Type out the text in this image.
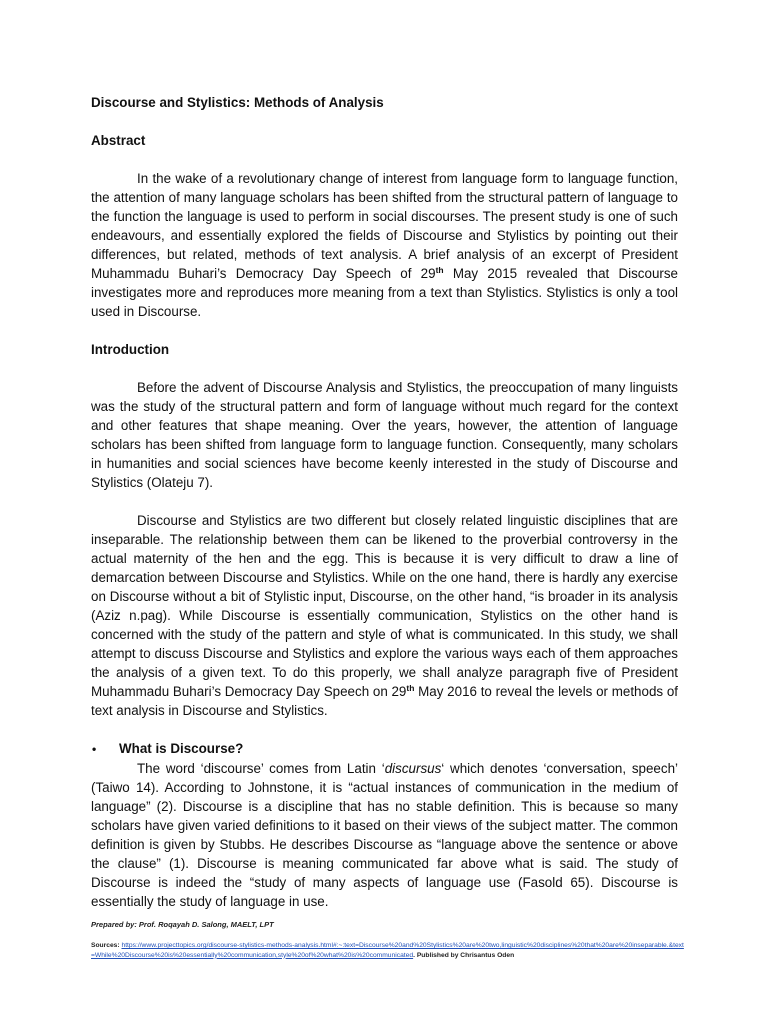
Discourse and Stylistics: Methods of Analysis

Abstract

In the wake of a revolutionary change of interest from language form to language function, the attention of many language scholars has been shifted from the structural pattern of language to the function the language is used to perform in social discourses. The present study is one of such endeavours, and essentially explored the fields of Discourse and Stylistics by pointing out their differences, but related, methods of text analysis. A brief analysis of an excerpt of President Muhammadu Buhari’s Democracy Day Speech of 29th May 2015 revealed that Discourse investigates more and reproduces more meaning from a text than Stylistics. Stylistics is only a tool used in Discourse.

Introduction

Before the advent of Discourse Analysis and Stylistics, the preoccupation of many linguists was the study of the structural pattern and form of language without much regard for the context and other features that shape meaning. Over the years, however, the attention of language scholars has been shifted from language form to language function. Consequently, many scholars in humanities and social sciences have become keenly interested in the study of Discourse and Stylistics (Olateju 7).

Discourse and Stylistics are two different but closely related linguistic disciplines that are inseparable. The relationship between them can be likened to the proverbial controversy in the actual maternity of the hen and the egg. This is because it is very difficult to draw a line of demarcation between Discourse and Stylistics. While on the one hand, there is hardly any exercise on Discourse without a bit of Stylistic input, Discourse, on the other hand, “is broader in its analysis (Aziz n.pag). While Discourse is essentially communication, Stylistics on the other hand is concerned with the study of the pattern and style of what is communicated. In this study, we shall attempt to discuss Discourse and Stylistics and explore the various ways each of them approaches the analysis of a given text. To do this properly, we shall analyze paragraph five of President Muhammadu Buhari’s Democracy Day Speech on 29th May 2016 to reveal the levels or methods of text analysis in Discourse and Stylistics.

•	What is Discourse?

The word ‘discourse’ comes from Latin ‘discursus‘ which denotes ‘conversation, speech’ (Taiwo 14). According to Johnstone, it is “actual instances of communication in the medium of language” (2). Discourse is a discipline that has no stable definition. This is because so many scholars have given varied definitions to it based on their views of the subject matter. The common definition is given by Stubbs. He describes Discourse as “language above the sentence or above the clause” (1). Discourse is meaning communicated far above what is said. The study of Discourse is indeed the “study of many aspects of language use (Fasold 65). Discourse is essentially the study of language in use.

Prepared by: Prof. Roqayah D. Salong, MAELT, LPT
Sources: https://www.projecttopics.org/discourse-stylistics-methods-analysis.html#:~:text=Discourse%20and%20Stylistics%20are%20two,linguistic%20disciplines%20that%20are%20inseparable.&text=While%20Discourse%20is%20essentially%20communication,style%20of%20what%20is%20communicated. Published by Chrisantus Oden
